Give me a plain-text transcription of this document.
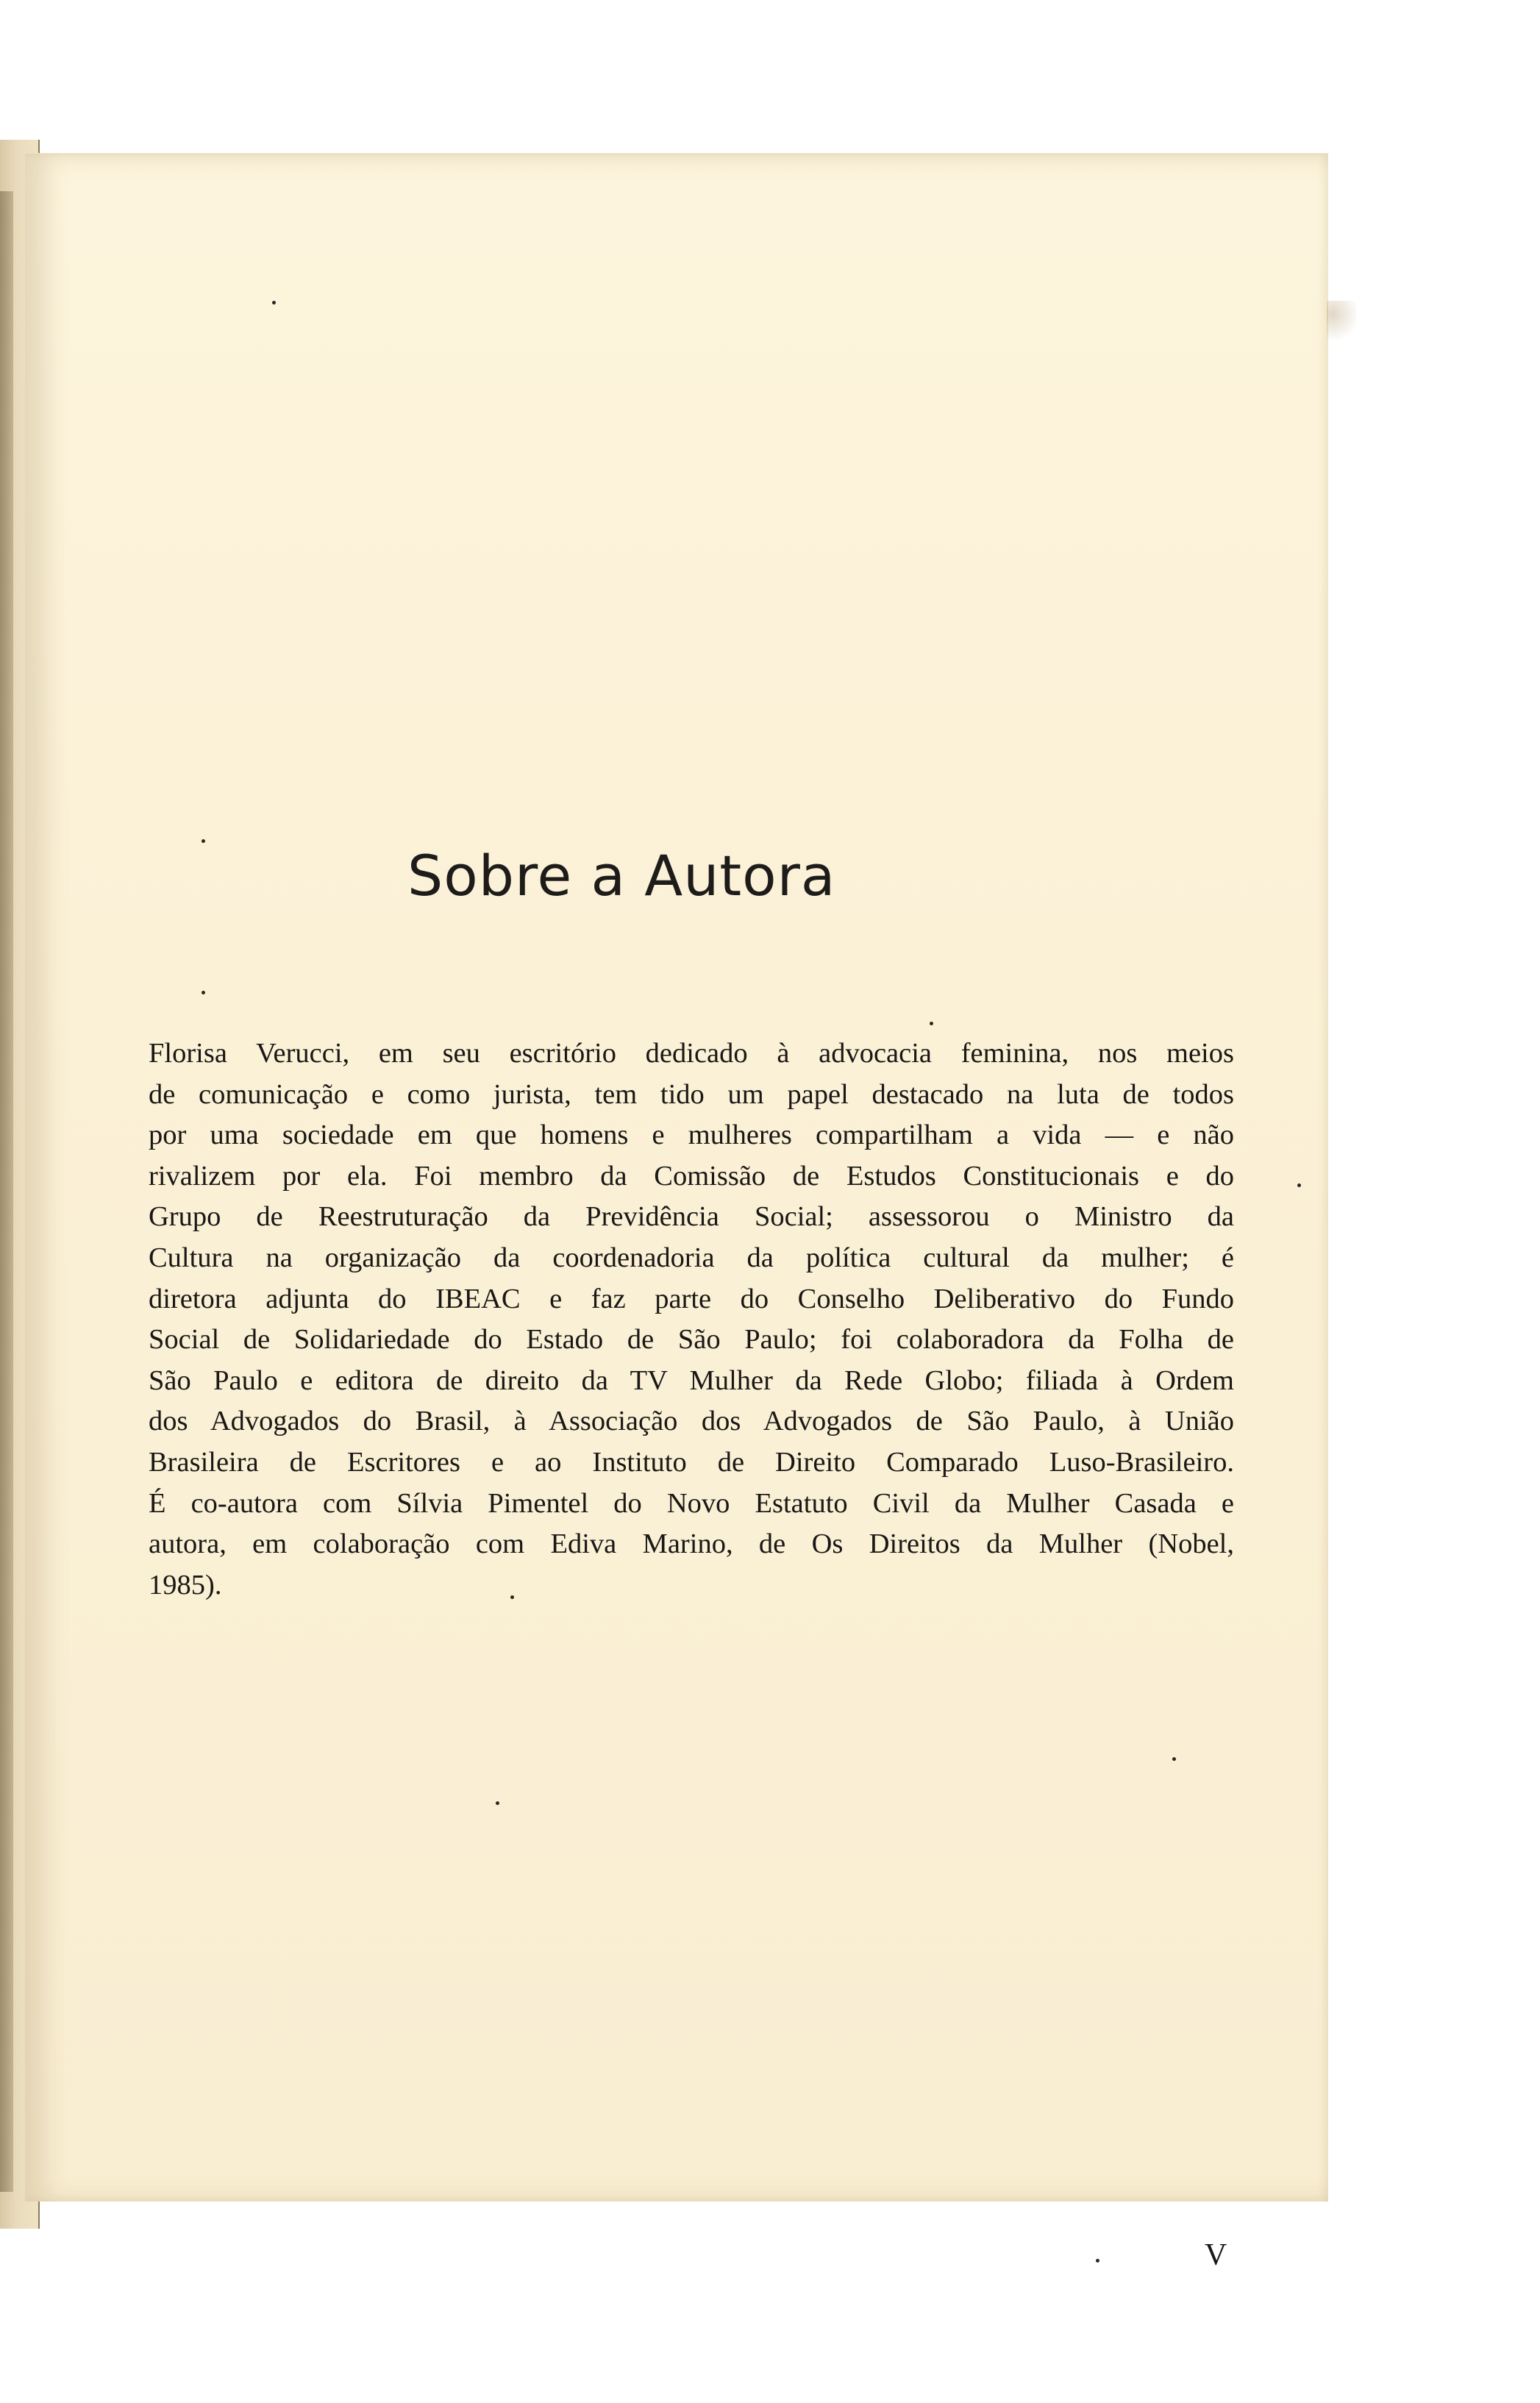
Sobre a Autora
Florisa Verucci, em seu escritório dedicado à advocacia feminina, nos meios
de comunicação e como jurista, tem tido um papel destacado na luta de todos
por uma sociedade em que homens e mulheres compartilham a vida — e não
rivalizem por ela. Foi membro da Comissão de Estudos Constitucionais e do
Grupo de Reestruturação da Previdência Social; assessorou o Ministro da
Cultura na organização da coordenadoria da política cultural da mulher; é
diretora adjunta do IBEAC e faz parte do Conselho Deliberativo do Fundo
Social de Solidariedade do Estado de São Paulo; foi colaboradora da Folha de
São Paulo e editora de direito da TV Mulher da Rede Globo; filiada à Ordem
dos Advogados do Brasil, à Associação dos Advogados de São Paulo, à União
Brasileira de Escritores e ao Instituto de Direito Comparado Luso-Brasileiro.
É co-autora com Sílvia Pimentel do Novo Estatuto Civil da Mulher Casada e
autora, em colaboração com Ediva Marino, de Os Direitos da Mulher (Nobel,
1985).

V
